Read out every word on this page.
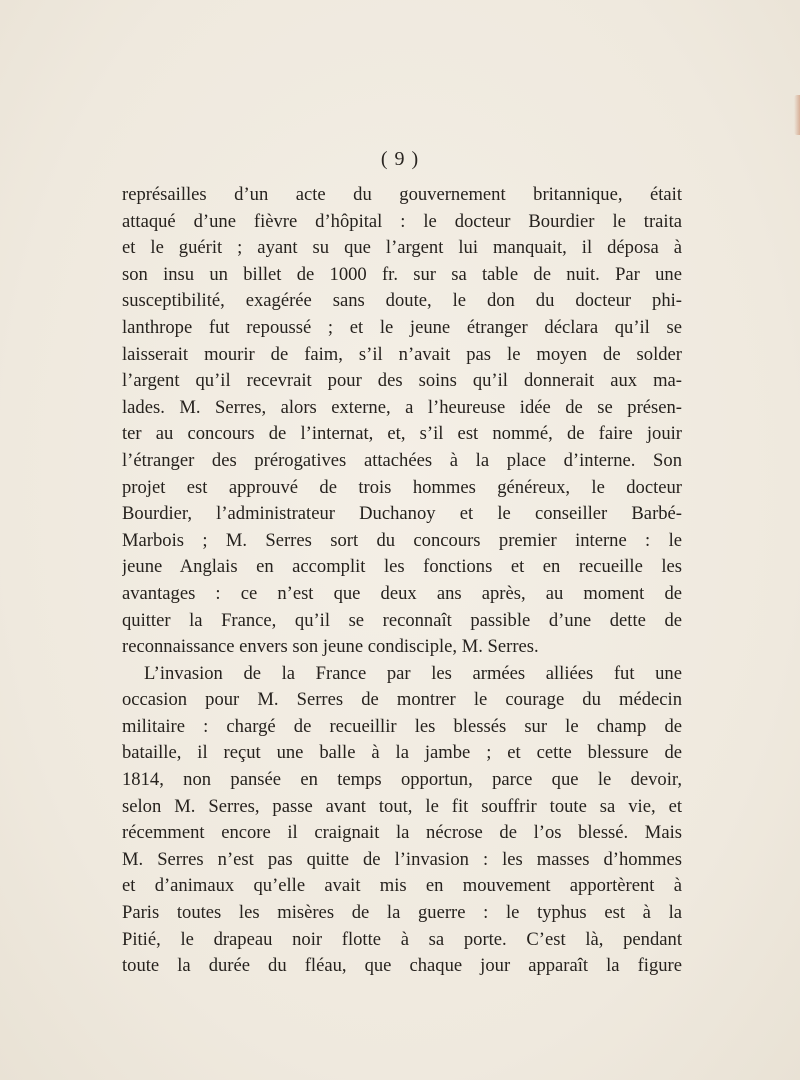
( 9 )
représailles d’un acte du gouvernement britannique, était
attaqué d’une fièvre d’hôpital : le docteur Bourdier le traita
et le guérit ; ayant su que l’argent lui manquait, il déposa à
son insu un billet de 1000 fr. sur sa table de nuit. Par une
susceptibilité, exagérée sans doute, le don du docteur phi-
lanthrope fut repoussé ; et le jeune étranger déclara qu’il se
laisserait mourir de faim, s’il n’avait pas le moyen de solder
l’argent qu’il recevrait pour des soins qu’il donnerait aux ma-
lades. M. Serres, alors externe, a l’heureuse idée de se présen-
ter au concours de l’internat, et, s’il est nommé, de faire jouir
l’étranger des prérogatives attachées à la place d’interne. Son
projet est approuvé de trois hommes généreux, le docteur
Bourdier, l’administrateur Duchanoy et le conseiller Barbé-
Marbois ; M. Serres sort du concours premier interne : le
jeune Anglais en accomplit les fonctions et en recueille les
avantages : ce n’est que deux ans après, au moment de
quitter la France, qu’il se reconnaît passible d’une dette de
reconnaissance envers son jeune condisciple, M. Serres.
L’invasion de la France par les armées alliées fut une
occasion pour M. Serres de montrer le courage du médecin
militaire : chargé de recueillir les blessés sur le champ de
bataille, il reçut une balle à la jambe ; et cette blessure de
1814, non pansée en temps opportun, parce que le devoir,
selon M. Serres, passe avant tout, le fit souffrir toute sa vie, et
récemment encore il craignait la nécrose de l’os blessé. Mais
M. Serres n’est pas quitte de l’invasion : les masses d’hommes
et d’animaux qu’elle avait mis en mouvement apportèrent à
Paris toutes les misères de la guerre : le typhus est à la
Pitié, le drapeau noir flotte à sa porte. C’est là, pendant
toute la durée du fléau, que chaque jour apparaît la figure
